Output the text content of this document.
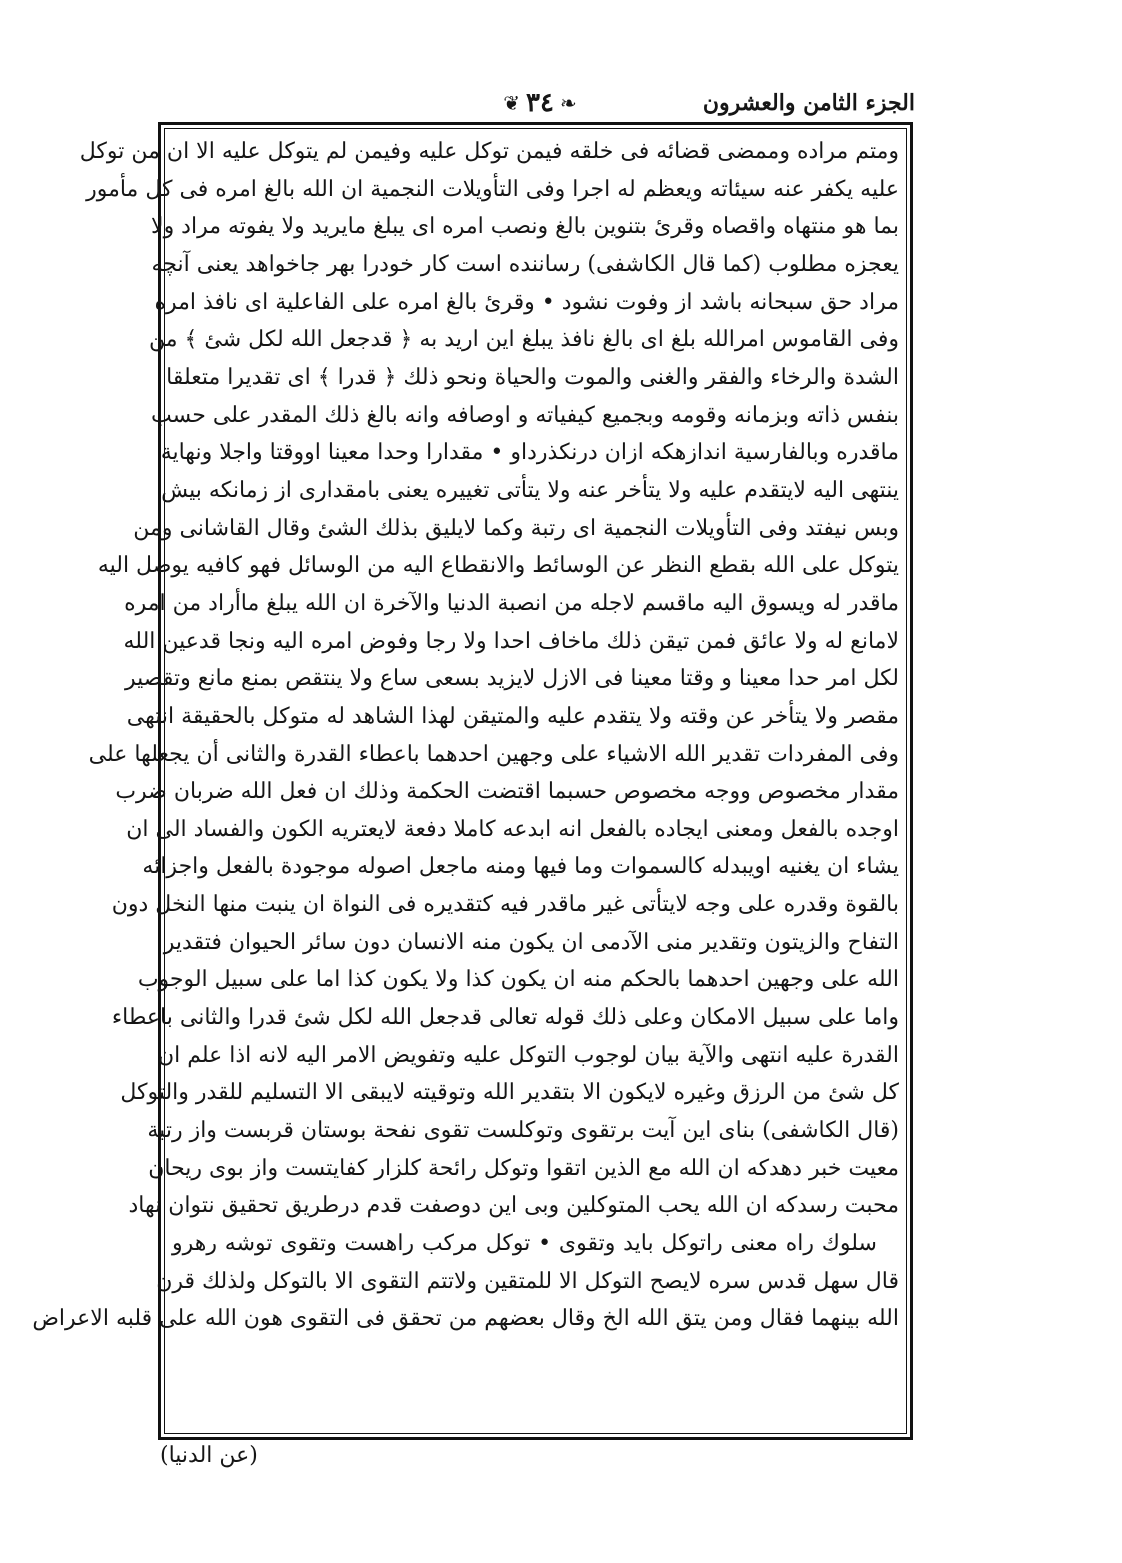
❦ ٣٤ ❧	الجزء الثامن والعشرون
ومتم مراده وممضى قضائه فى خلقه فيمن توكل عليه وفيمن لم يتوكل عليه الا ان من توكل
عليه يكفر عنه سيئاته ويعظم له اجرا وفى التأويلات النجمية ان الله بالغ امره فى كل مأمور
بما هو منتهاه واقصاه وقرئ بتنوين بالغ ونصب امره اى يبلغ مايريد ولا يفوته مراد ولا
يعجزه مطلوب (كما قال الكاشفى) رساننده است كار خودرا بهر جاخواهد يعنى آنچه
مراد حق سبحانه باشد از وفوت نشود • وقرئ بالغ امره على الفاعلية اى نافذ امره
وفى القاموس امرالله بلغ اى بالغ نافذ يبلغ اين اريد به ﴿ قدجعل الله لكل شئ ﴾ من
الشدة والرخاء والفقر والغنى والموت والحياة ونحو ذلك ﴿ قدرا ﴾ اى تقديرا متعلقا
بنفس ذاته وبزمانه وقومه وبجميع كيفياته و اوصافه وانه بالغ ذلك المقدر على حسب
ماقدره وبالفارسية اندازهكه ازان درنكذرداو • مقدارا وحدا معينا اووقتا واجلا ونهاية
ينتهى اليه لايتقدم عليه ولا يتأخر عنه ولا يتأتى تغييره يعنى بامقدارى از زمانكه بيش
وبس نيفتد وفى التأويلات النجمية اى رتبة وكما لايليق بذلك الشئ وقال القاشانى ومن
يتوكل على الله بقطع النظر عن الوسائط والانقطاع اليه من الوسائل فهو كافيه يوصل اليه
ماقدر له ويسوق اليه ماقسم لاجله من انصبة الدنيا والآخرة ان الله يبلغ ماأراد من امره
لامانع له ولا عائق فمن تيقن ذلك ماخاف احدا ولا رجا وفوض امره اليه ونجا قدعين الله
لكل امر حدا معينا و وقتا معينا فى الازل لايزيد بسعى ساع ولا ينتقص بمنع مانع وتقصير
مقصر ولا يتأخر عن وقته ولا يتقدم عليه والمتيقن لهذا الشاهد له متوكل بالحقيقة انتهى
وفى المفردات تقدير الله الاشياء على وجهين احدهما باعطاء القدرة والثانى أن يجعلها على
مقدار مخصوص ووجه مخصوص حسبما اقتضت الحكمة وذلك ان فعل الله ضربان ضرب
اوجده بالفعل ومعنى ايجاده بالفعل انه ابدعه كاملا دفعة لايعتريه الكون والفساد الى ان
يشاء ان يغنيه اويبدله كالسموات وما فيها ومنه ماجعل اصوله موجودة بالفعل واجزائه
بالقوة وقدره على وجه لايتأتى غير ماقدر فيه كتقديره فى النواة ان ينبت منها النخل دون
التفاح والزيتون وتقدير منى الآدمى ان يكون منه الانسان دون سائر الحيوان فتقدير
الله على وجهين احدهما بالحكم منه ان يكون كذا ولا يكون كذا اما على سبيل الوجوب
واما على سبيل الامكان وعلى ذلك قوله تعالى قدجعل الله لكل شئ قدرا والثانى باعطاء
القدرة عليه انتهى والآية بيان لوجوب التوكل عليه وتفويض الامر اليه لانه اذا علم ان
كل شئ من الرزق وغيره لايكون الا بتقدير الله وتوقيته لايبقى الا التسليم للقدر والتوكل
(قال الكاشفى) بناى اين آيت برتقوى وتوكلست تقوى نفحة بوستان قربست واز رتبة
معيت خبر دهدكه ان الله مع الذين اتقوا وتوكل رائحة كلزار كفايتست واز بوى ريحان
محبت رسدكه ان الله يحب المتوكلين وبى اين دوصفت قدم درطريق تحقيق نتوان نهاد
سلوك راه معنى راتوكل بايد وتقوى • توكل مركب راهست وتقوى توشه رهرو
قال سهل قدس سره لايصح التوكل الا للمتقين ولاتتم التقوى الا بالتوكل ولذلك قرن
الله بينهما فقال ومن يتق الله الخ وقال بعضهم من تحقق فى التقوى هون الله على قلبه الاعراض
(عن الدنيا)
